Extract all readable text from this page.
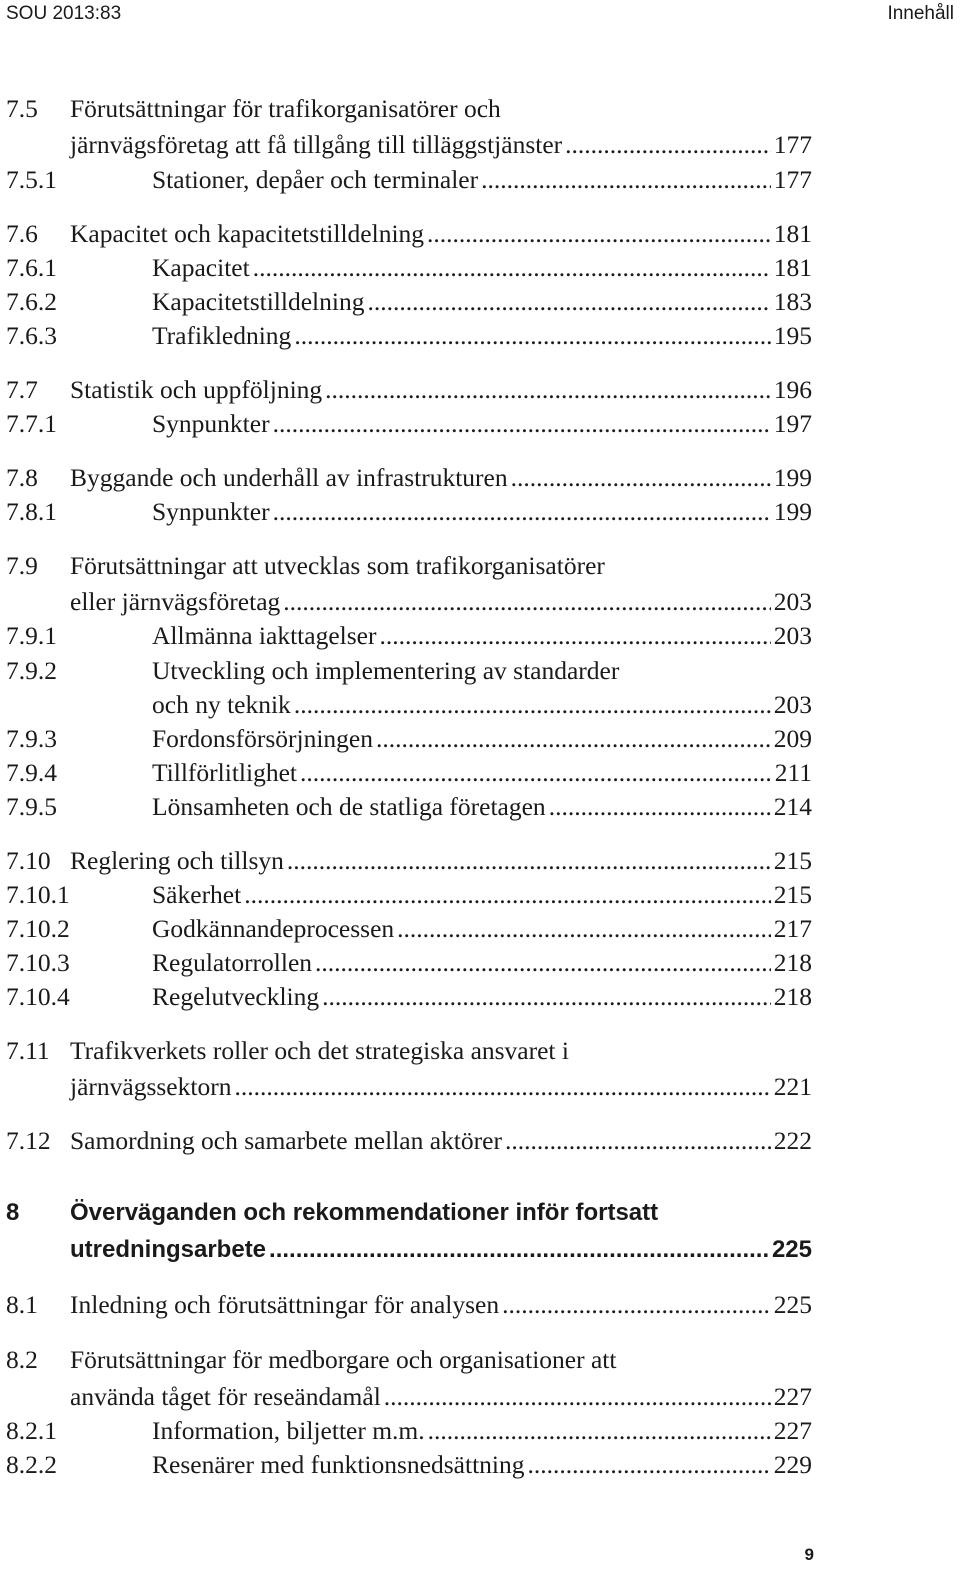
SOU 2013:83	Innehåll
7.5 Förutsättningar för trafikorganisatörer och
järnvägsföretag att få tillgång till tilläggstjänster .....	177
7.5.1	Stationer, depåer och terminaler .....	177
7.6 Kapacitet och kapacitetstilldelning .....	181
7.6.1	Kapacitet .....	181
7.6.2	Kapacitetstilldelning .....	183
7.6.3	Trafikledning .....	195
7.7 Statistik och uppföljning .....	196
7.7.1	Synpunkter .....	197
7.8 Byggande och underhåll av infrastrukturen .....	199
7.8.1	Synpunkter .....	199
7.9 Förutsättningar att utvecklas som trafikorganisatörer
eller järnvägsföretag .....	203
7.9.1	Allmänna iakttagelser .....	203
7.9.2	Utveckling och implementering av standarder
och ny teknik .....	203
7.9.3	Fordonsförsörjningen .....	209
7.9.4	Tillförlitlighet .....	211
7.9.5	Lönsamheten och de statliga företagen .....	214
7.10 Reglering och tillsyn .....	215
7.10.1	Säkerhet .....	215
7.10.2	Godkännandeprocessen .....	217
7.10.3	Regulatorrollen .....	218
7.10.4	Regelutveckling .....	218
7.11 Trafikverkets roller och det strategiska ansvaret i
järnvägssektorn .....	221
7.12 Samordning och samarbete mellan aktörer .....	222
8 Överväganden och rekommendationer inför fortsatt
utredningsarbete .....	225
8.1 Inledning och förutsättningar för analysen .....	225
8.2 Förutsättningar för medborgare och organisationer att
använda tåget för reseändamål .....	227
8.2.1	Information, biljetter m.m. .....	227
8.2.2	Resenärer med funktionsnedsättning .....	229
9
